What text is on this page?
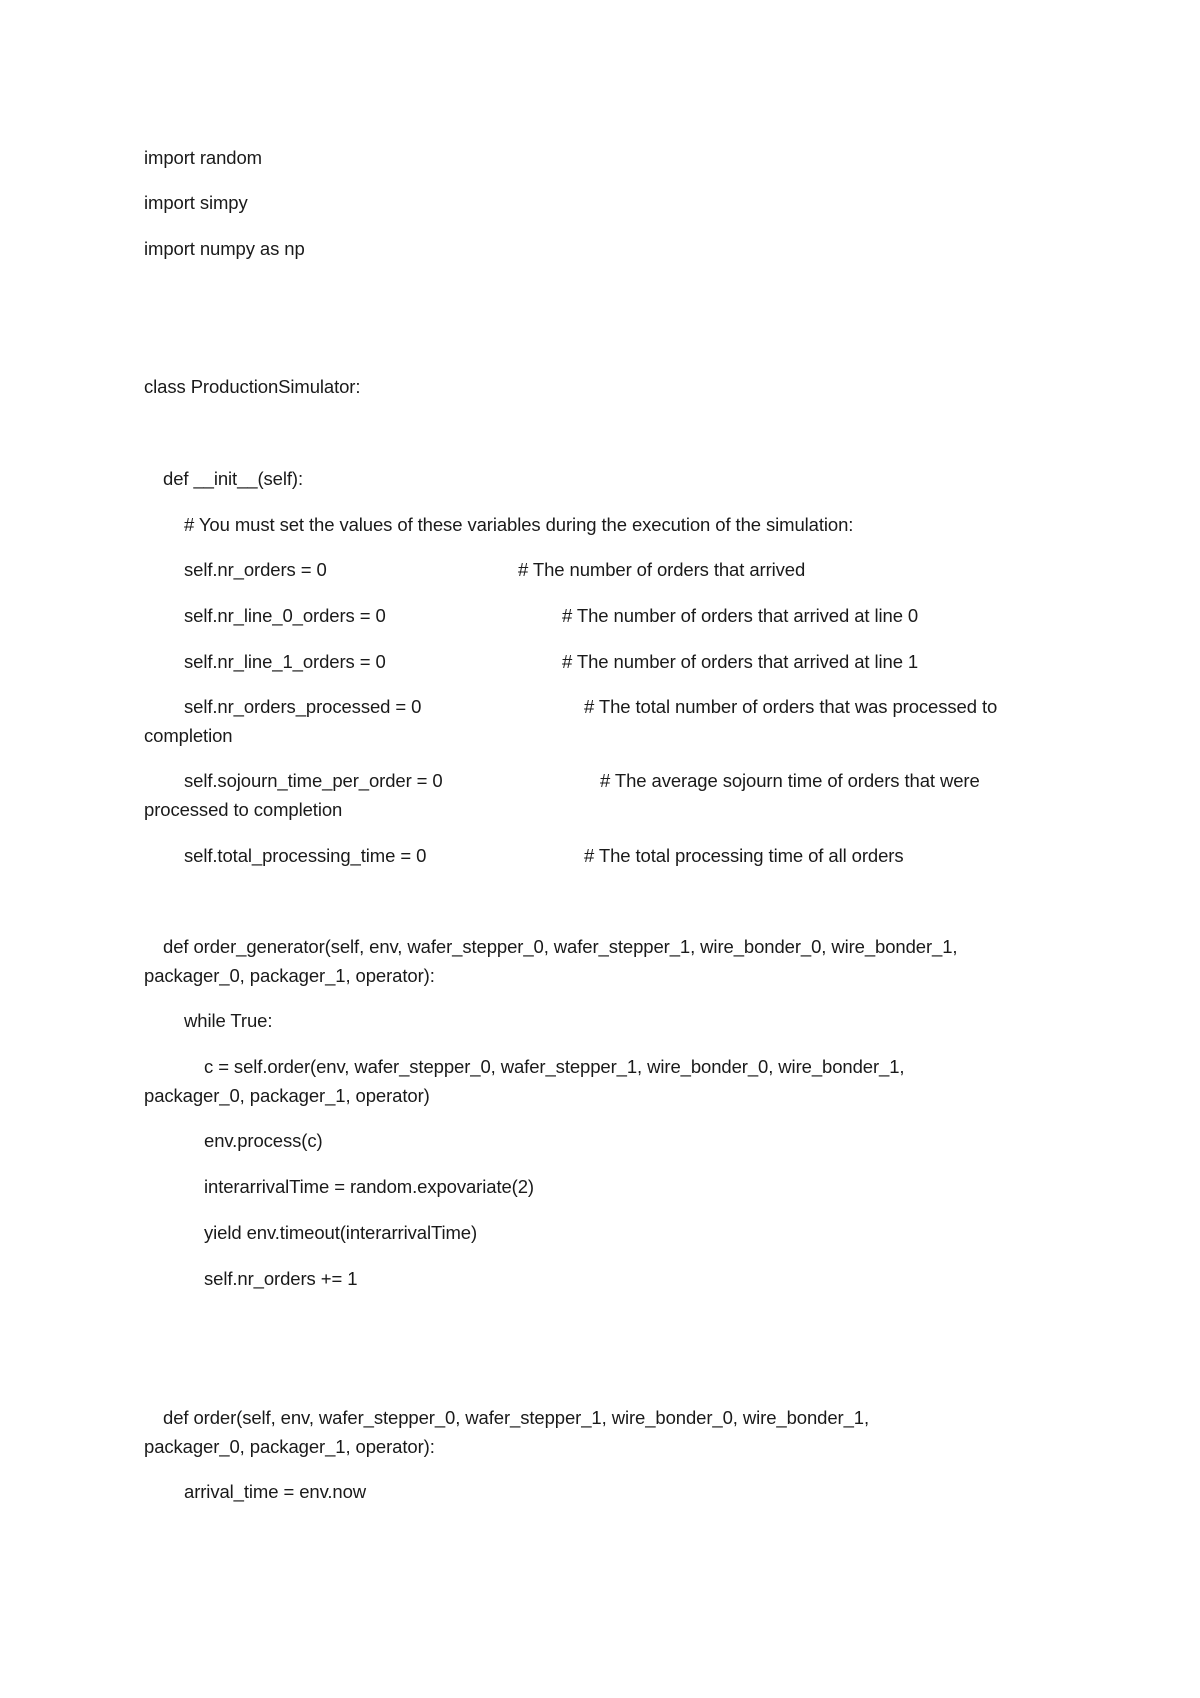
import random
import simpy
import numpy as np
class ProductionSimulator:
def __init__(self):
# You must set the values of these variables during the execution of the simulation:
self.nr_orders = 0	# The number of orders that arrived
self.nr_line_0_orders = 0	# The number of orders that arrived at line 0
self.nr_line_1_orders = 0	# The number of orders that arrived at line 1
self.nr_orders_processed = 0	# The total number of orders that was processed to
completion
self.sojourn_time_per_order = 0	# The average sojourn time of orders that were
processed to completion
self.total_processing_time = 0	# The total processing time of all orders
def order_generator(self, env, wafer_stepper_0, wafer_stepper_1, wire_bonder_0, wire_bonder_1,
packager_0, packager_1, operator):
while True:
c = self.order(env, wafer_stepper_0, wafer_stepper_1, wire_bonder_0, wire_bonder_1,
packager_0, packager_1, operator)
env.process(c)
interarrivalTime = random.expovariate(2)
yield env.timeout(interarrivalTime)
self.nr_orders += 1
def order(self, env, wafer_stepper_0, wafer_stepper_1, wire_bonder_0, wire_bonder_1,
packager_0, packager_1, operator):
arrival_time = env.now
